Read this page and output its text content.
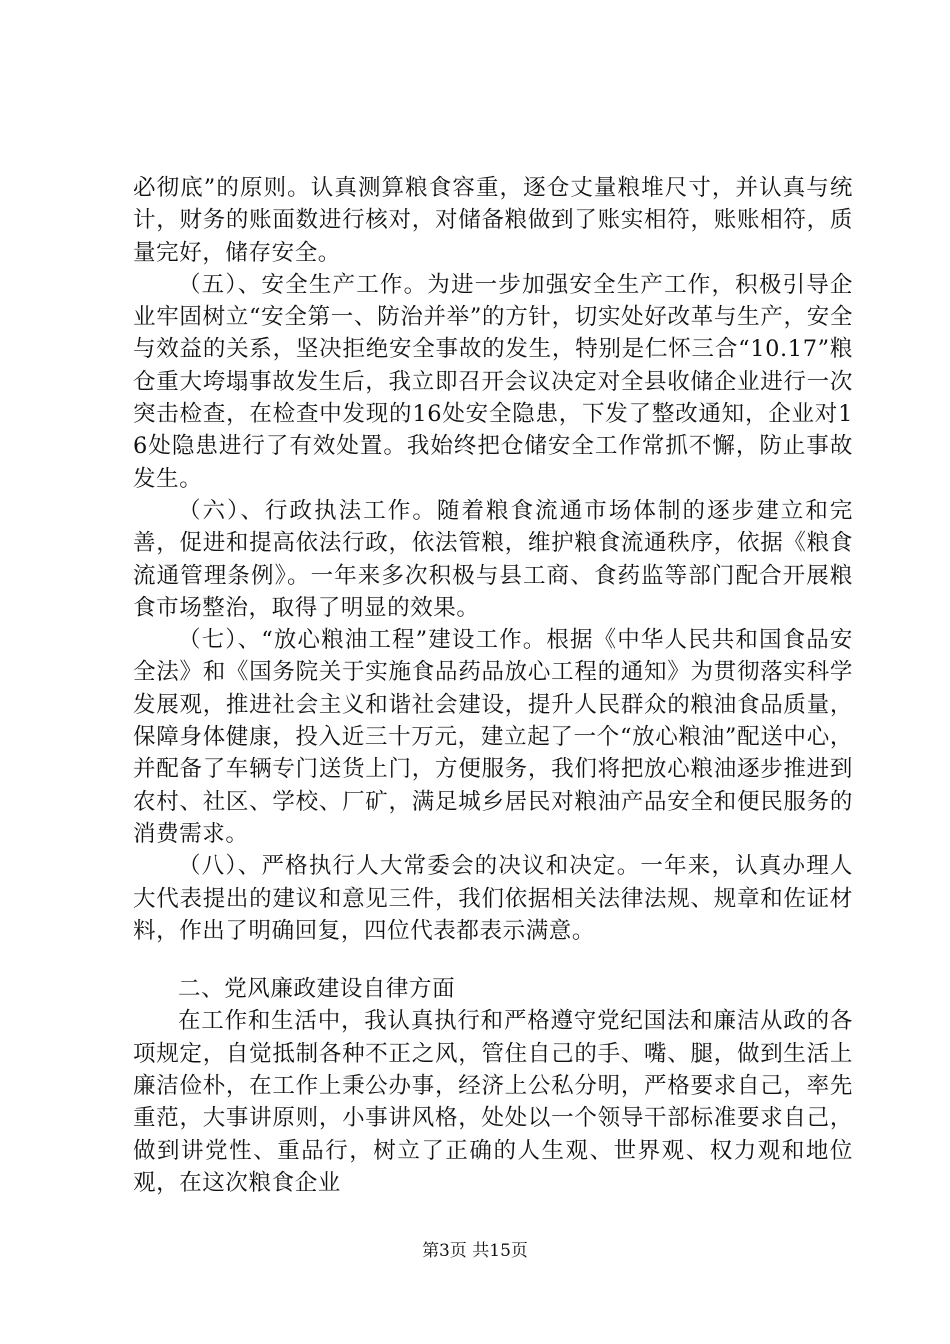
必彻底”的原则。认真测算粮食容重，逐仓丈量粮堆尺寸，并认真与统计，财务的账面数进行核对，对储备粮做到了账实相符，账账相符，质量完好，储存安全。

（五）、安全生产工作。为进一步加强安全生产工作，积极引导企业牢固树立“安全第一、防治并举”的方针，切实处好改革与生产，安全与效益的关系，坚决拒绝安全事故的发生，特别是仁怀三合“10.17”粮仓重大垮塌事故发生后，我立即召开会议决定对全县收储企业进行一次突击检查，在检查中发现的16处安全隐患，下发了整改通知，企业对16处隐患进行了有效处置。我始终把仓储安全工作常抓不懈，防止事故发生。

（六）、行政执法工作。随着粮食流通市场体制的逐步建立和完善，促进和提高依法行政，依法管粮，维护粮食流通秩序，依据《粮食流通管理条例》。一年来多次积极与县工商、食药监等部门配合开展粮食市场整治，取得了明显的效果。

（七）、“放心粮油工程”建设工作。根据《中华人民共和国食品安全法》和《国务院关于实施食品药品放心工程的通知》为贯彻落实科学发展观，推进社会主义和谐社会建设，提升人民群众的粮油食品质量，保障身体健康，投入近三十万元，建立起了一个“放心粮油”配送中心，并配备了车辆专门送货上门，方便服务，我们将把放心粮油逐步推进到农村、社区、学校、厂矿，满足城乡居民对粮油产品安全和便民服务的消费需求。

（八）、严格执行人大常委会的决议和决定。一年来，认真办理人大代表提出的建议和意见三件，我们依据相关法律法规、规章和佐证材料，作出了明确回复，四位代表都表示满意。

二、党风廉政建设自律方面

在工作和生活中，我认真执行和严格遵守党纪国法和廉洁从政的各项规定，自觉抵制各种不正之风，管住自己的手、嘴、腿，做到生活上廉洁俭朴，在工作上秉公办事，经济上公私分明，严格要求自己，率先重范，大事讲原则，小事讲风格，处处以一个领导干部标准要求自己，做到讲党性、重品行，树立了正确的人生观、世界观、权力观和地位观，在这次粮食企业

第3页 共15页
